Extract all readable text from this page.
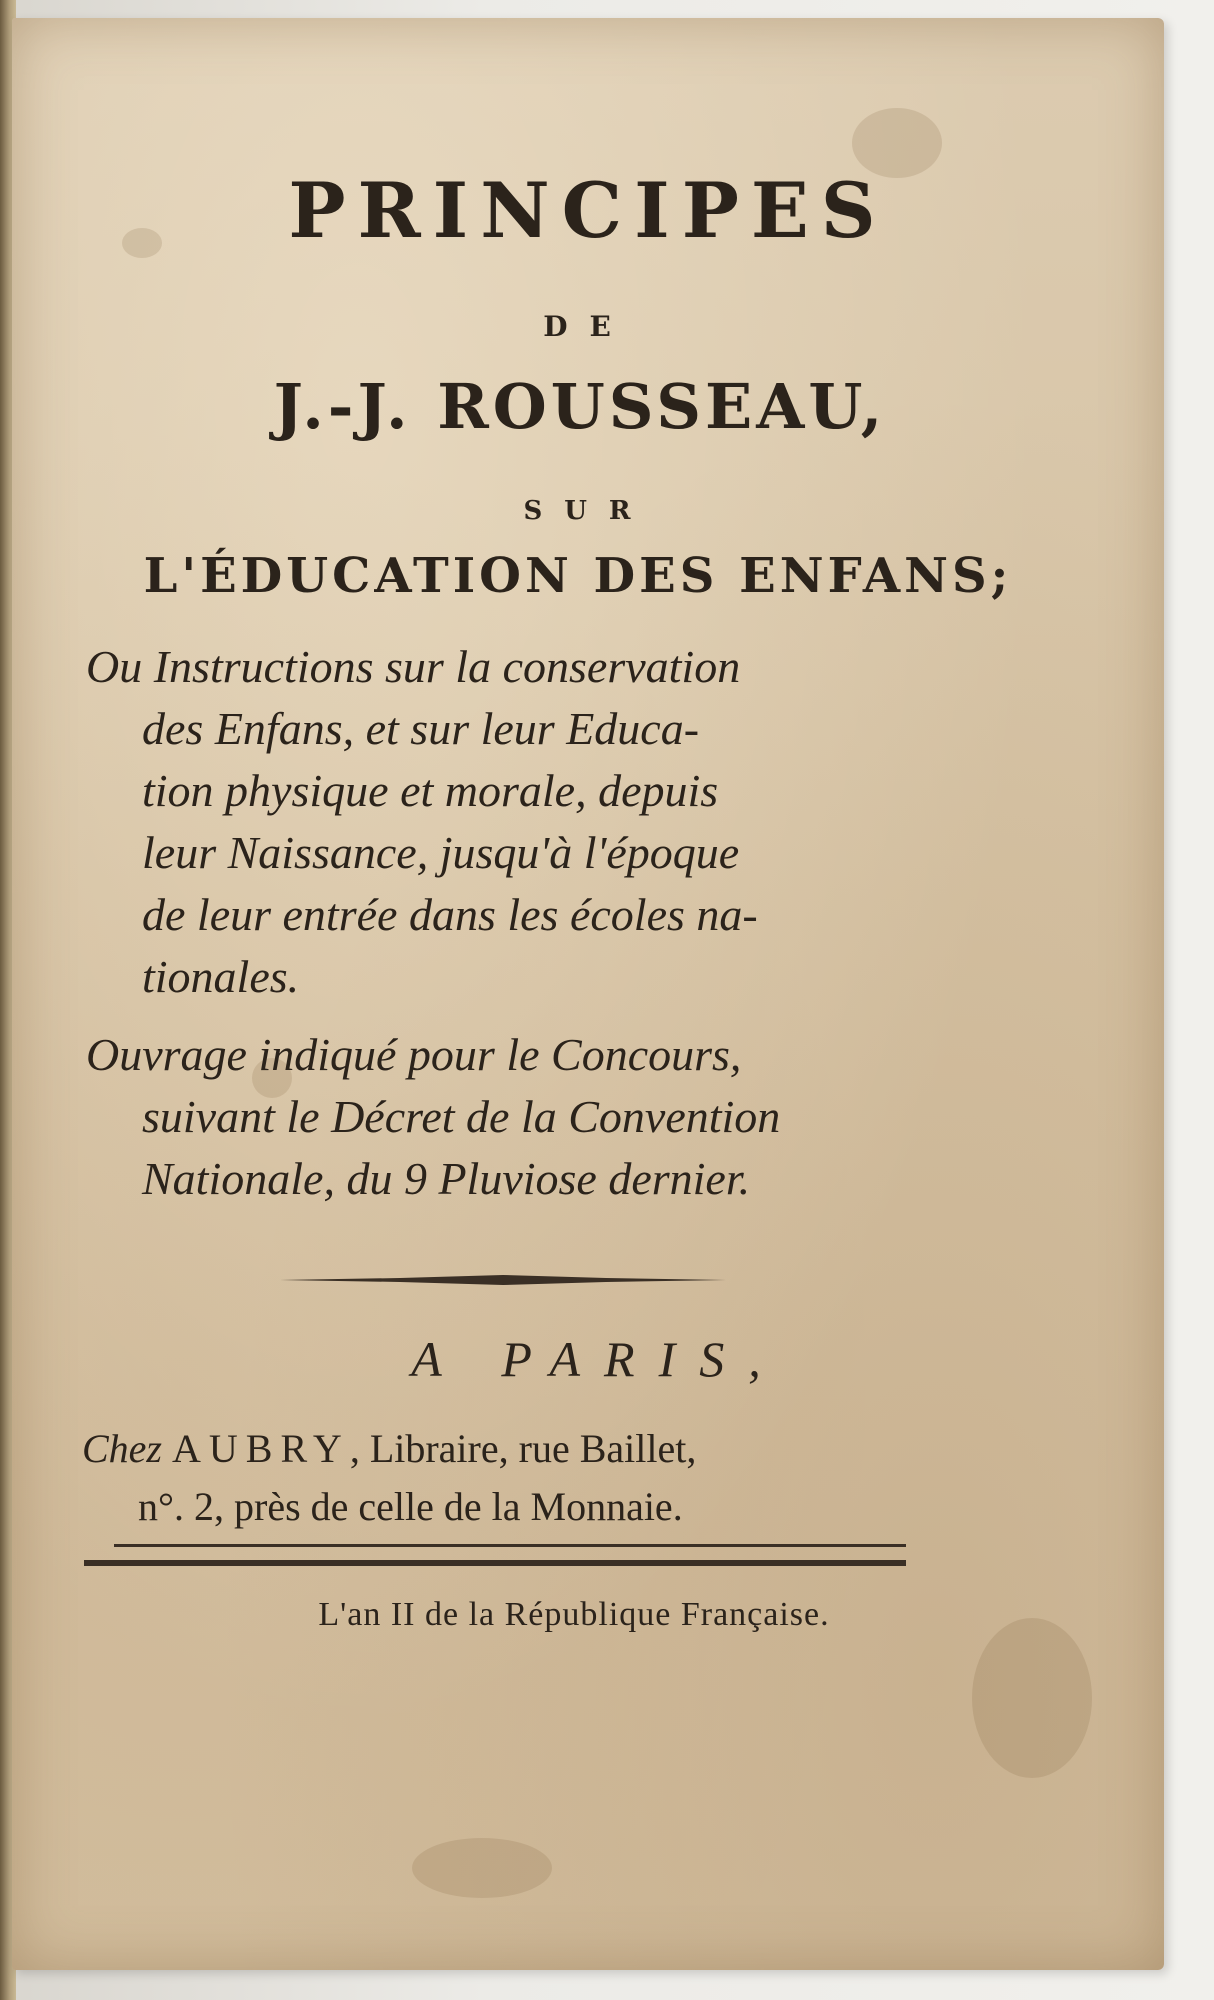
PRINCIPES
DE
J.-J. ROUSSEAU,
SUR
L'ÉDUCATION DES ENFANS;
Ou Instructions sur la conservation
des Enfans, et sur leur Educa-
tion physique et morale, depuis
leur Naissance, jusqu'à l'époque
de leur entrée dans les écoles na-
tionales.
Ouvrage indiqué pour le Concours,
suivant le Décret de la Convention
Nationale, du 9 Pluviose dernier.
A PARIS,
Chez AUBRY, Libraire, rue Baillet,
n°. 2, près de celle de la Monnaie.
L'an II de la République Française.
